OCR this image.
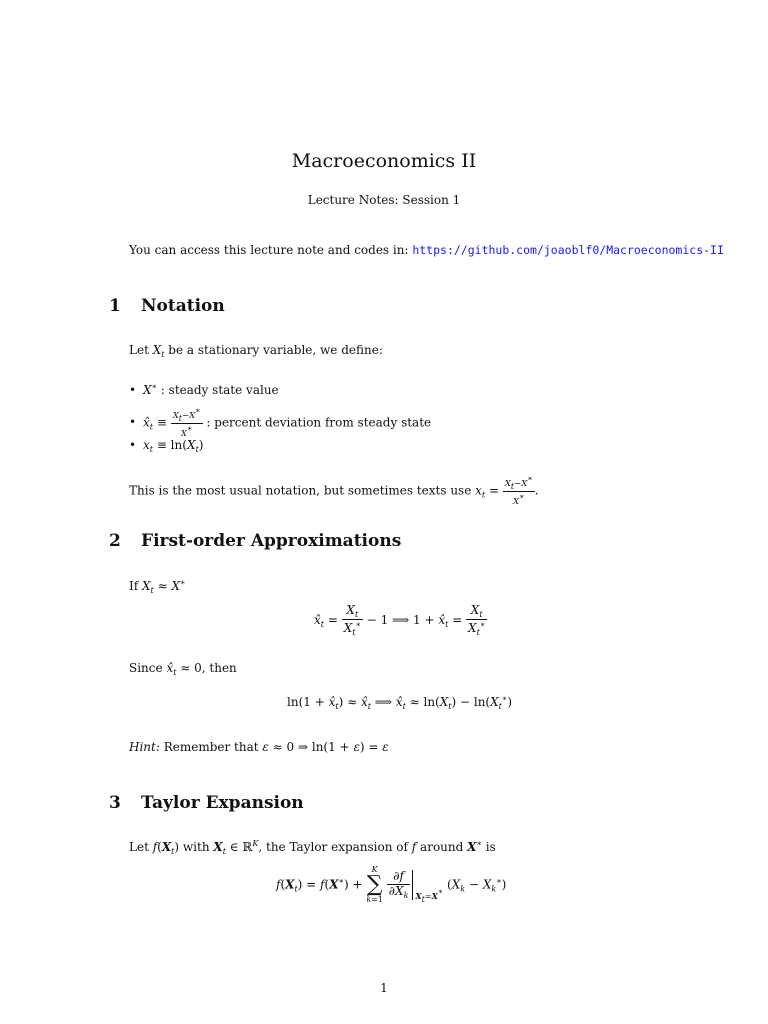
Macroeconomics II
Lecture Notes: Session 1
You can access this lecture note and codes in: https://github.com/joaoblf0/Macroeconomics-II
1 Notation
Let $X_t$ be a stationary variable, we define:
• X∗ : steady state value
• $x̂_t \equiv \frac{X_t-X^∗}{X^∗}$ : percent deviation from steady state
• $x_t \equiv \ln(X_t)$
This is the most usual notation, but sometimes texts use $x_t = \frac{X_t-X^∗}{X^∗}$ .
2 First-order Approximations
If $X_t \approx X^∗$
$x̂_t = \frac{X_t}{X_t^∗} - 1$ ⟹ $1 + x̂_t = \frac{X_t}{X_t^∗}$
Since $x̂_t \approx 0$, then
$\ln(1 + x̂_t)$ ≈ $x̂_t$ ⟹ $x̂_t \approx \ln(X_t) - \ln(X_t^∗)$
Hint: Remember that ε ≈ 0 ⇒ ln(1 + ε) = ε
3 Taylor Expansion
Let $f(X_t)$ with $X_t$ ∈ ℝ$^K$, the Taylor expansion of f around X∗ is
$f(X_t) = f(X^∗) + K$
∑
$k=1 \frac{\partial f}{\partial X_k} _{X_t=X^∗}$ $(X_k - X_k^∗)$
1
